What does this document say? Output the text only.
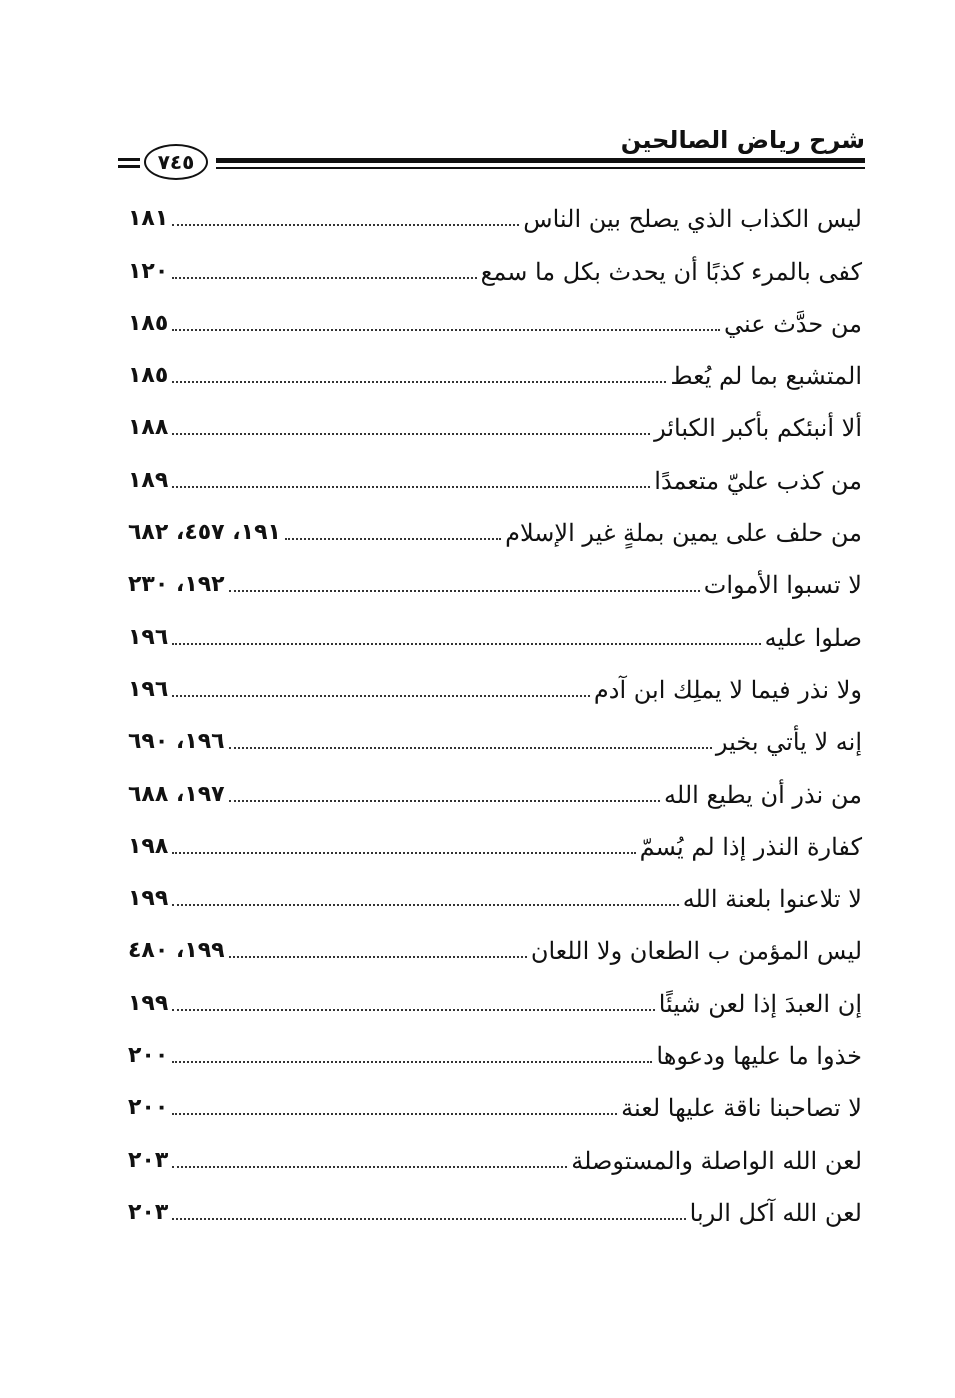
شرح رياض الصالحين
٧٤٥
ليس الكذاب الذي يصلح بين الناس
١٨١
كفى بالمرء كذبًا أن يحدث بكل ما سمع
١٢٠
من حدَّث عني
١٨٥
المتشبع بما لم يُعط
١٨٥
ألا أنبئكم بأكبر الكبائر
١٨٨
من كذب عليّ متعمدًا
١٨٩
من حلف على يمين بملةٍ غير الإسلام
١٩١، ٤٥٧، ٦٨٢
لا تسبوا الأموات
١٩٢، ٢٣٠
صلوا عليه
١٩٦
ولا نذر فيما لا يملِك ابن آدم
١٩٦
إنه لا يأتي بخير
١٩٦، ٦٩٠
من نذر أن يطيع الله
١٩٧، ٦٨٨
كفارة النذر إذا لم يُسمّ
١٩٨
لا تلاعنوا بلعنة الله
١٩٩
ليس المؤمن ب الطعان ولا اللعان
١٩٩، ٤٨٠
إن العبدَ إذا لعن شيئًا
١٩٩
خذوا ما عليها ودعوها
٢٠٠
لا تصاحبنا ناقة عليها لعنة
٢٠٠
لعن الله الواصلة والمستوصلة
٢٠٣
لعن الله آكل الربا
٢٠٣
